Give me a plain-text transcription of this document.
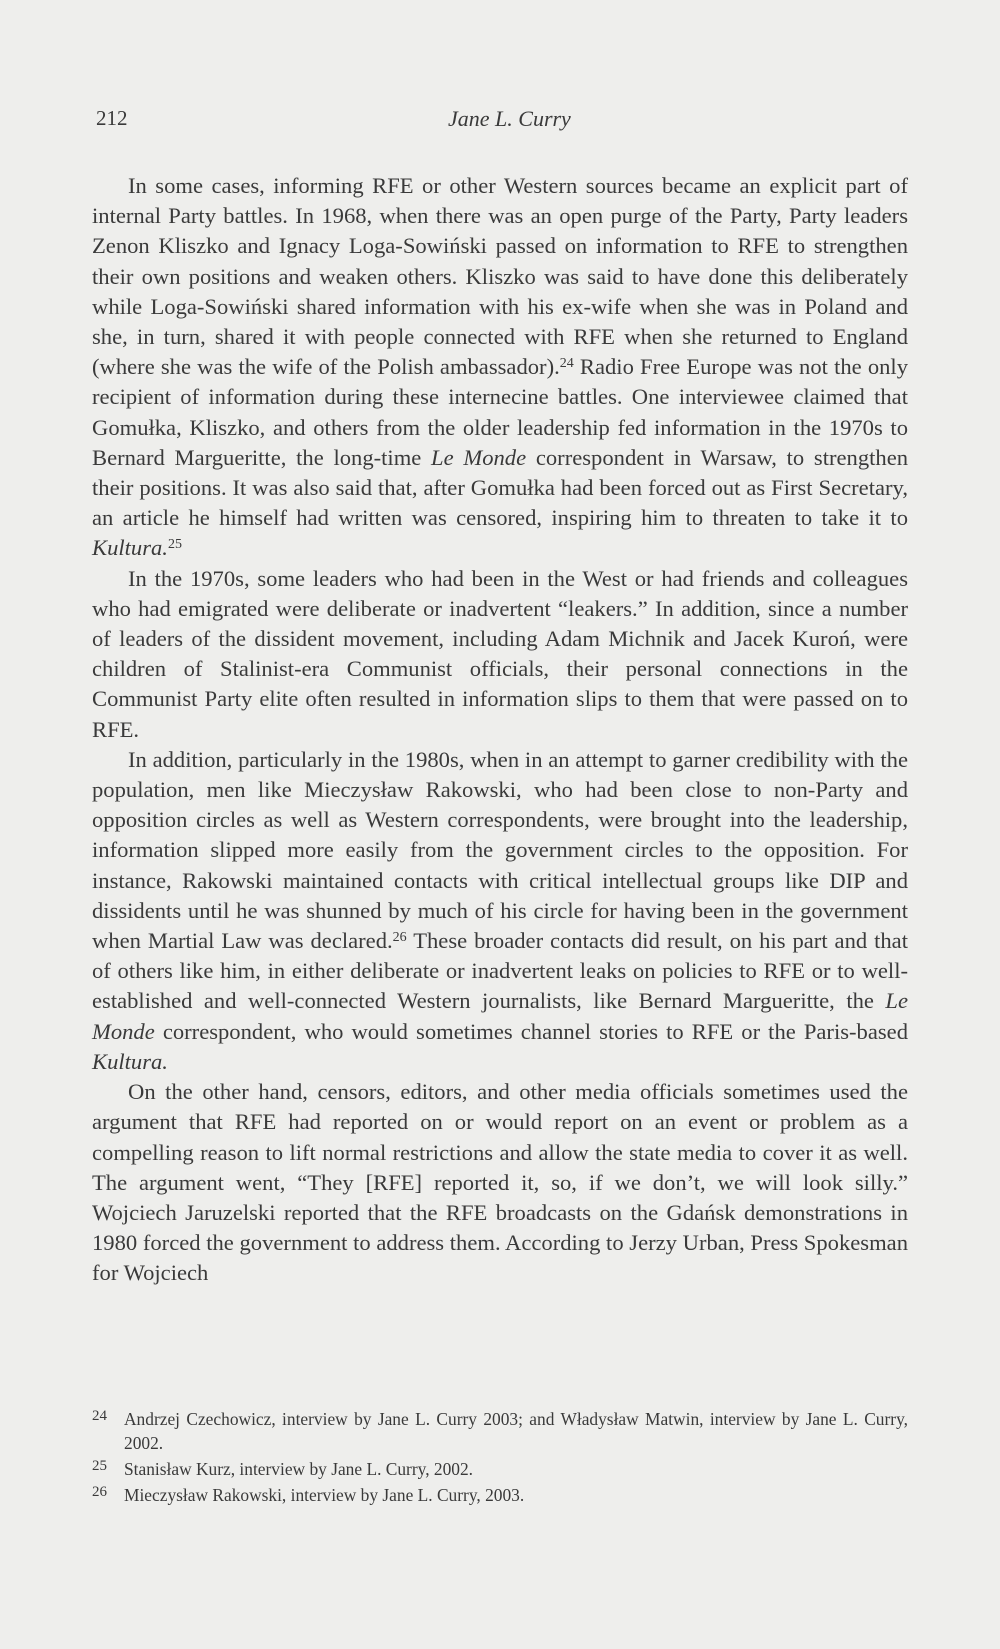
212	Jane L. Curry

In some cases, informing RFE or other Western sources became an explicit part of internal Party battles. In 1968, when there was an open purge of the Party, Party leaders Zenon Kliszko and Ignacy Loga-Sowiński passed on information to RFE to strengthen their own positions and weaken others. Kliszko was said to have done this deliberately while Loga-Sowiński shared information with his ex-wife when she was in Poland and she, in turn, shared it with people connected with RFE when she returned to England (where she was the wife of the Polish ambassador).$^{24}$ Radio Free Europe was not the only recipient of information during these internecine battles. One interviewee claimed that Gomułka, Kliszko, and others from the older leadership fed information in the 1970s to Bernard Margueritte, the long-time Le Monde correspondent in Warsaw, to strengthen their positions. It was also said that, after Gomułka had been forced out as First Secretary, an article he himself had written was censored, inspiring him to threaten to take it to Kultura.$^{25}$

In the 1970s, some leaders who had been in the West or had friends and colleagues who had emigrated were deliberate or inadvertent “leakers.” In addition, since a number of leaders of the dissident movement, including Adam Michnik and Jacek Kuroń, were children of Stalinist-era Communist officials, their personal connections in the Communist Party elite often resulted in information slips to them that were passed on to RFE.

In addition, particularly in the 1980s, when in an attempt to garner credibility with the population, men like Mieczysław Rakowski, who had been close to non-Party and opposition circles as well as Western correspondents, were brought into the leadership, information slipped more easily from the government circles to the opposition. For instance, Rakowski maintained contacts with critical intellectual groups like DIP and dissidents until he was shunned by much of his circle for having been in the government when Martial Law was declared.$^{26}$ These broader contacts did result, on his part and that of others like him, in either deliberate or inadvertent leaks on policies to RFE or to well-established and well-connected Western journalists, like Bernard Margueritte, the Le Monde correspondent, who would sometimes channel stories to RFE or the Paris-based Kultura.

On the other hand, censors, editors, and other media officials sometimes used the argument that RFE had reported on or would report on an event or problem as a compelling reason to lift normal restrictions and allow the state media to cover it as well. The argument went, “They [RFE] reported it, so, if we don’t, we will look silly.” Wojciech Jaruzelski reported that the RFE broadcasts on the Gdańsk demonstrations in 1980 forced the government to address them. According to Jerzy Urban, Press Spokesman for Wojciech

24 Andrzej Czechowicz, interview by Jane L. Curry 2003; and Władysław Matwin, interview by Jane L. Curry, 2002.
25 Stanisław Kurz, interview by Jane L. Curry, 2002.
26 Mieczysław Rakowski, interview by Jane L. Curry, 2003.
